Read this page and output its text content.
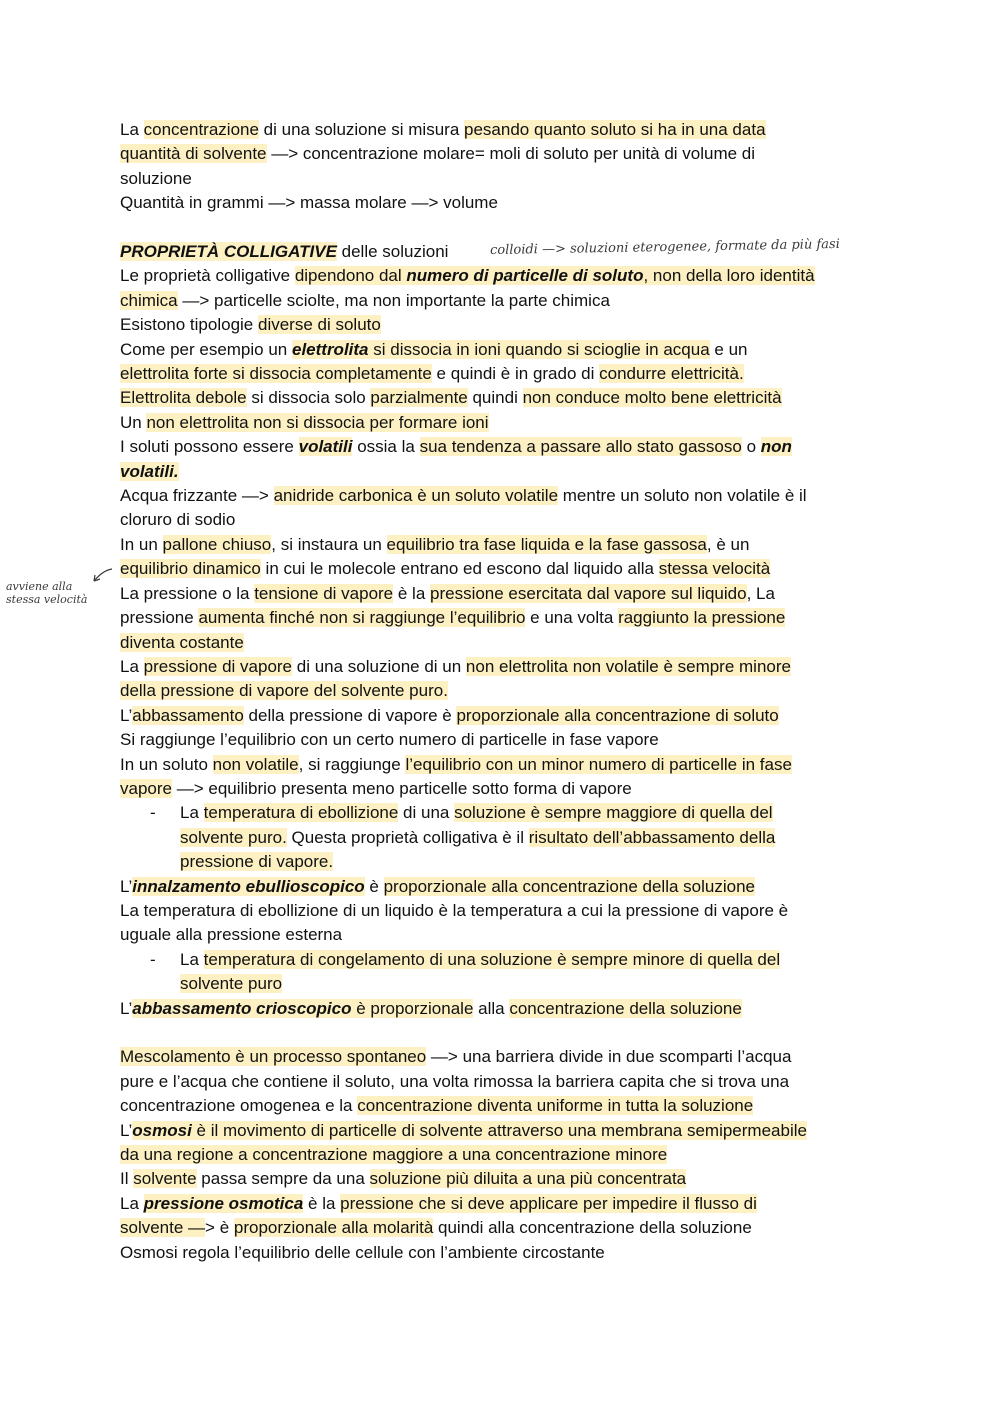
colloidi —> soluzioni eterogenee, formate da più fasi
avviene alla
stessa velocità
La concentrazione di una soluzione si misura pesando quanto soluto si ha in una data
quantità di solvente —> concentrazione molare= moli di soluto per unità di volume di
soluzione
Quantità in grammi —> massa molare —> volume
PROPRIETÀ COLLIGATIVE delle soluzioni
Le proprietà colligative dipendono dal numero di particelle di soluto, non della loro identità
chimica —> particelle sciolte, ma non importante la parte chimica
Esistono tipologie diverse di soluto
Come per esempio un elettrolita si dissocia in ioni quando si scioglie in acqua e un
elettrolita forte si dissocia completamente e quindi è in grado di condurre elettricità.
Elettrolita debole si dissocia solo parzialmente quindi non conduce molto bene elettricità
Un non elettrolita non si dissocia per formare ioni
I soluti possono essere volatili ossia la sua tendenza a passare allo stato gassoso o non
volatili.
Acqua frizzante —> anidride carbonica è un soluto volatile mentre un soluto non volatile è il
cloruro di sodio
In un pallone chiuso, si instaura un equilibrio tra fase liquida e la fase gassosa, è un
equilibrio dinamico in cui le molecole entrano ed escono dal liquido alla stessa velocità
La pressione o la tensione di vapore è la pressione esercitata dal vapore sul liquido, La
pressione aumenta finché non si raggiunge l’equilibrio e una volta raggiunto la pressione
diventa costante
La pressione di vapore di una soluzione di un non elettrolita non volatile è sempre minore
della pressione di vapore del solvente puro.
L’abbassamento della pressione di vapore è proporzionale alla concentrazione di soluto
Si raggiunge l’equilibrio con un certo numero di particelle in fase vapore
In un soluto non volatile, si raggiunge l’equilibrio con un minor numero di particelle in fase
vapore —> equilibrio presenta meno particelle sotto forma di vapore
- La temperatura di ebollizione di una soluzione è sempre maggiore di quella del
solvente puro. Questa proprietà colligativa è il risultato dell’abbassamento della
pressione di vapore.
L’innalzamento ebullioscopico è proporzionale alla concentrazione della soluzione
La temperatura di ebollizione di un liquido è la temperatura a cui la pressione di vapore è
uguale alla pressione esterna
- La temperatura di congelamento di una soluzione è sempre minore di quella del
solvente puro
L’abbassamento crioscopico è proporzionale alla concentrazione della soluzione
Mescolamento è un processo spontaneo —> una barriera divide in due scomparti l’acqua
pure e l’acqua che contiene il soluto, una volta rimossa la barriera capita che si trova una
concentrazione omogenea e la concentrazione diventa uniforme in tutta la soluzione
L’osmosi è il movimento di particelle di solvente attraverso una membrana semipermeabile
da una regione a concentrazione maggiore a una concentrazione minore
Il solvente passa sempre da una soluzione più diluita a una più concentrata
La pressione osmotica è la pressione che si deve applicare per impedire il flusso di
solvente —> è proporzionale alla molarità quindi alla concentrazione della soluzione
Osmosi regola l’equilibrio delle cellule con l’ambiente circostante
